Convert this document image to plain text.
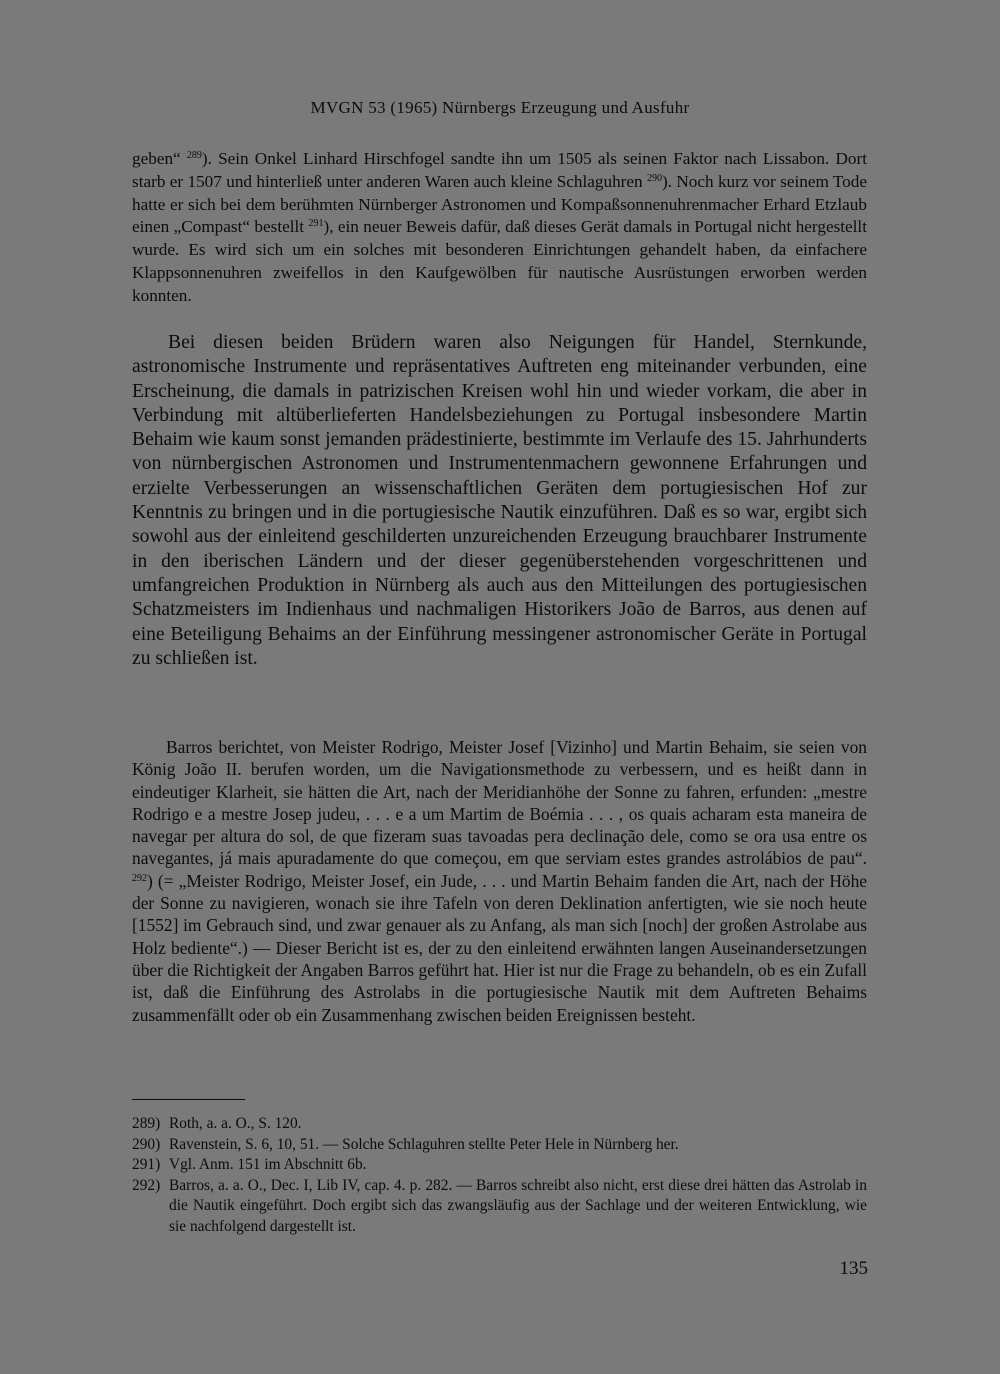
MVGN 53 (1965) Nürnbergs Erzeugung und Ausfuhr

geben“ $^{289}$). Sein Onkel Linhard Hirschfogel sandte ihn um 1505 als seinen Faktor nach Lissabon. Dort starb er 1507 und hinterließ unter anderen Waren auch kleine Schlaguhren $^{290}$). Noch kurz vor seinem Tode hatte er sich bei dem berühmten Nürnberger Astronomen und Kompaßsonnenuhrenmacher Erhard Etzlaub einen „Compast“ bestellt $^{291}$), ein neuer Beweis dafür, daß dieses Gerät damals in Portugal nicht hergestellt wurde. Es wird sich um ein solches mit besonderen Einrichtungen gehandelt haben, da einfachere Klappsonnenuhren zweifellos in den Kaufgewölben für nautische Ausrüstungen erworben werden konnten.

Bei diesen beiden Brüdern waren also Neigungen für Handel, Sternkunde, astronomische Instrumente und repräsentatives Auftreten eng miteinander verbunden, eine Erscheinung, die damals in patrizischen Kreisen wohl hin und wieder vorkam, die aber in Verbindung mit altüberlieferten Handelsbeziehungen zu Portugal insbesondere Martin Behaim wie kaum sonst jemanden prädestinierte, bestimmte im Verlaufe des 15. Jahrhunderts von nürnbergischen Astronomen und Instrumentenmachern gewonnene Erfahrungen und erzielte Verbesserungen an wissenschaftlichen Geräten dem portugiesischen Hof zur Kenntnis zu bringen und in die portugiesische Nautik einzuführen. Daß es so war, ergibt sich sowohl aus der einleitend geschilderten unzureichenden Erzeugung brauchbarer Instrumente in den iberischen Ländern und der dieser gegenüberstehenden vorgeschrittenen und umfangreichen Produktion in Nürnberg als auch aus den Mitteilungen des portugiesischen Schatzmeisters im Indienhaus und nachmaligen Historikers João de Barros, aus denen auf eine Beteiligung Behaims an der Einführung messingener astronomischer Geräte in Portugal zu schließen ist.

Barros berichtet, von Meister Rodrigo, Meister Josef [Vizinho] und Martin Behaim, sie seien von König João II. berufen worden, um die Navigationsmethode zu verbessern, und es heißt dann in eindeutiger Klarheit, sie hätten die Art, nach der Meridianhöhe der Sonne zu fahren, erfunden: „mestre Rodrigo e a mestre Josep judeu, . . . e a um Martim de Boémia . . . , os quais acharam esta maneira de navegar per altura do sol, de que fizeram suas tavoadas pera declinação dele, como se ora usa entre os navegantes, já mais apuradamente do que começou, em que serviam estes grandes astrolábios de pau“. $^{292}$) (= „Meister Rodrigo, Meister Josef, ein Jude, . . . und Martin Behaim fanden die Art, nach der Höhe der Sonne zu navigieren, wonach sie ihre Tafeln von deren Deklination anfertigten, wie sie noch heute [1552] im Gebrauch sind, und zwar genauer als zu Anfang, als man sich [noch] der großen Astrolabe aus Holz bediente“.) — Dieser Bericht ist es, der zu den einleitend erwähnten langen Auseinandersetzungen über die Richtigkeit der Angaben Barros geführt hat. Hier ist nur die Frage zu behandeln, ob es ein Zufall ist, daß die Einführung des Astrolabs in die portugiesische Nautik mit dem Auftreten Behaims zusammenfällt oder ob ein Zusammenhang zwischen beiden Ereignissen besteht.

289) Roth, a. a. O., S. 120.
290) Ravenstein, S. 6, 10, 51. — Solche Schlaguhren stellte Peter Hele in Nürnberg her.
291) Vgl. Anm. 151 im Abschnitt 6b.
292) Barros, a. a. O., Dec. I, Lib IV, cap. 4. p. 282. — Barros schreibt also nicht, erst diese drei hätten das Astrolab in die Nautik eingeführt. Doch ergibt sich das zwangsläufig aus der Sachlage und der weiteren Entwicklung, wie sie nachfolgend dargestellt ist.
135
